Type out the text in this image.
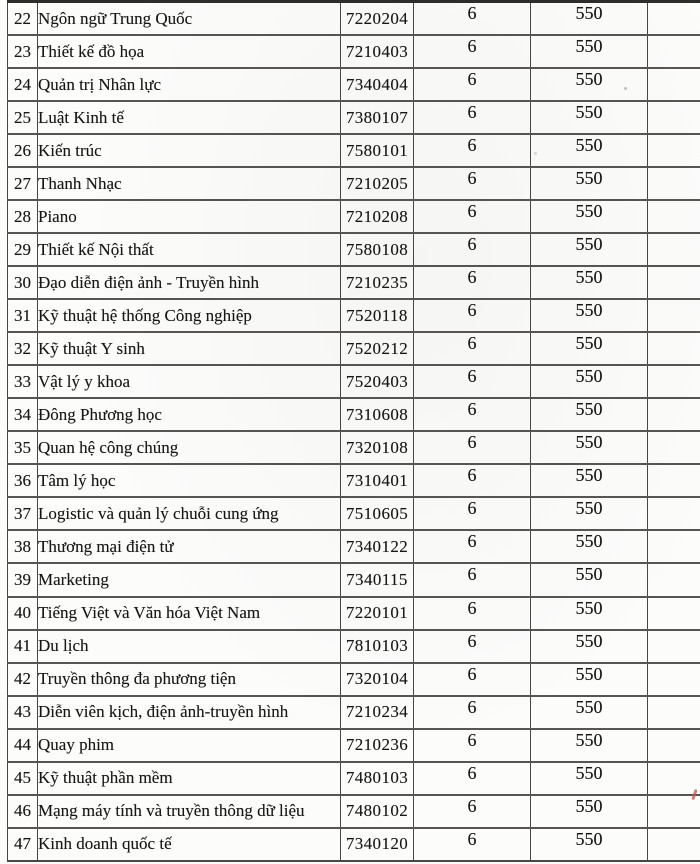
22	Ngôn ngữ Trung Quốc	7220204	6	550	
23	Thiết kế đồ họa	7210403	6	550	
24	Quản trị Nhân lực	7340404	6	550	
25	Luật Kinh tế	7380107	6	550	
26	Kiến trúc	7580101	6	550	
27	Thanh Nhạc	7210205	6	550	
28	Piano	7210208	6	550	
29	Thiết kế Nội thất	7580108	6	550	
30	Đạo diễn điện ảnh - Truyền hình	7210235	6	550	
31	Kỹ thuật hệ thống Công nghiệp	7520118	6	550	
32	Kỹ thuật Y sinh	7520212	6	550	
33	Vật lý y khoa	7520403	6	550	
34	Đông Phương học	7310608	6	550	
35	Quan hệ công chúng	7320108	6	550	
36	Tâm lý học	7310401	6	550	
37	Logistic và quản lý chuỗi cung ứng	7510605	6	550	
38	Thương mại điện tử	7340122	6	550	
39	Marketing	7340115	6	550	
40	Tiếng Việt và Văn hóa Việt Nam	7220101	6	550	
41	Du lịch	7810103	6	550	
42	Truyền thông đa phương tiện	7320104	6	550	
43	Diễn viên kịch, điện ảnh-truyền hình	7210234	6	550	
44	Quay phim	7210236	6	550	
45	Kỹ thuật phần mềm	7480103	6	550	
46	Mạng máy tính và truyền thông dữ liệu	7480102	6	550	
47	Kinh doanh quốc tế	7340120	6	550	
